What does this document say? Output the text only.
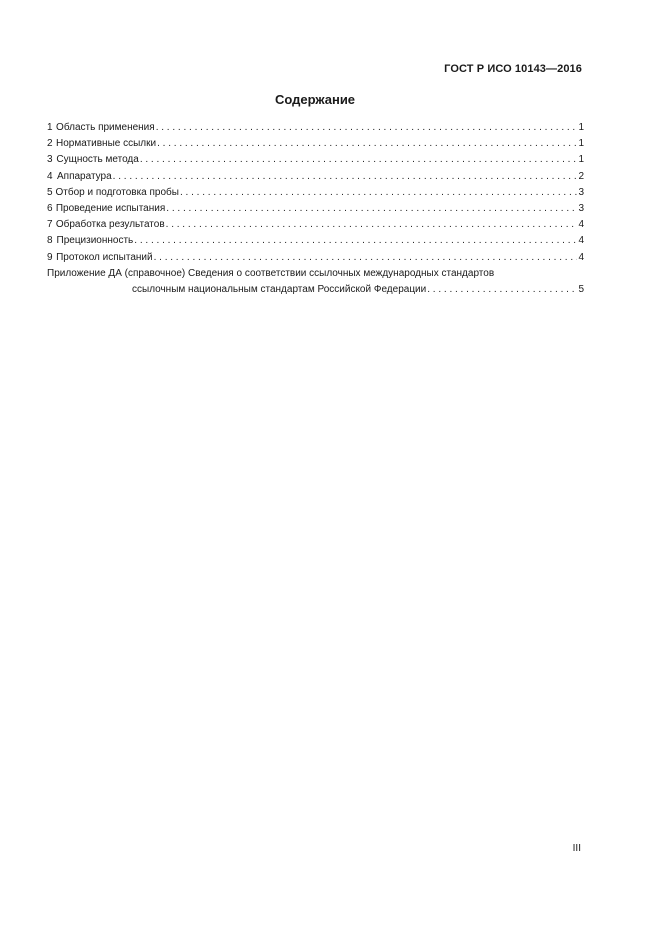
ГОСТ Р ИСО 10143—2016
Содержание
1 Область применения . . .	1
2 Нормативные ссылки . . .	1
3 Сущность метода . . .	1
4 Аппаратура . . .	2
5 Отбор и подготовка пробы . . .	3
6 Проведение испытания . . .	3
7 Обработка результатов . . .	4
8 Прецизионность . . .	4
9 Протокол испытаний . . .	4
Приложение ДА (справочное) Сведения о соответствии ссылочных международных стандартов
ссылочным национальным стандартам Российской Федерации . . .	5
III
